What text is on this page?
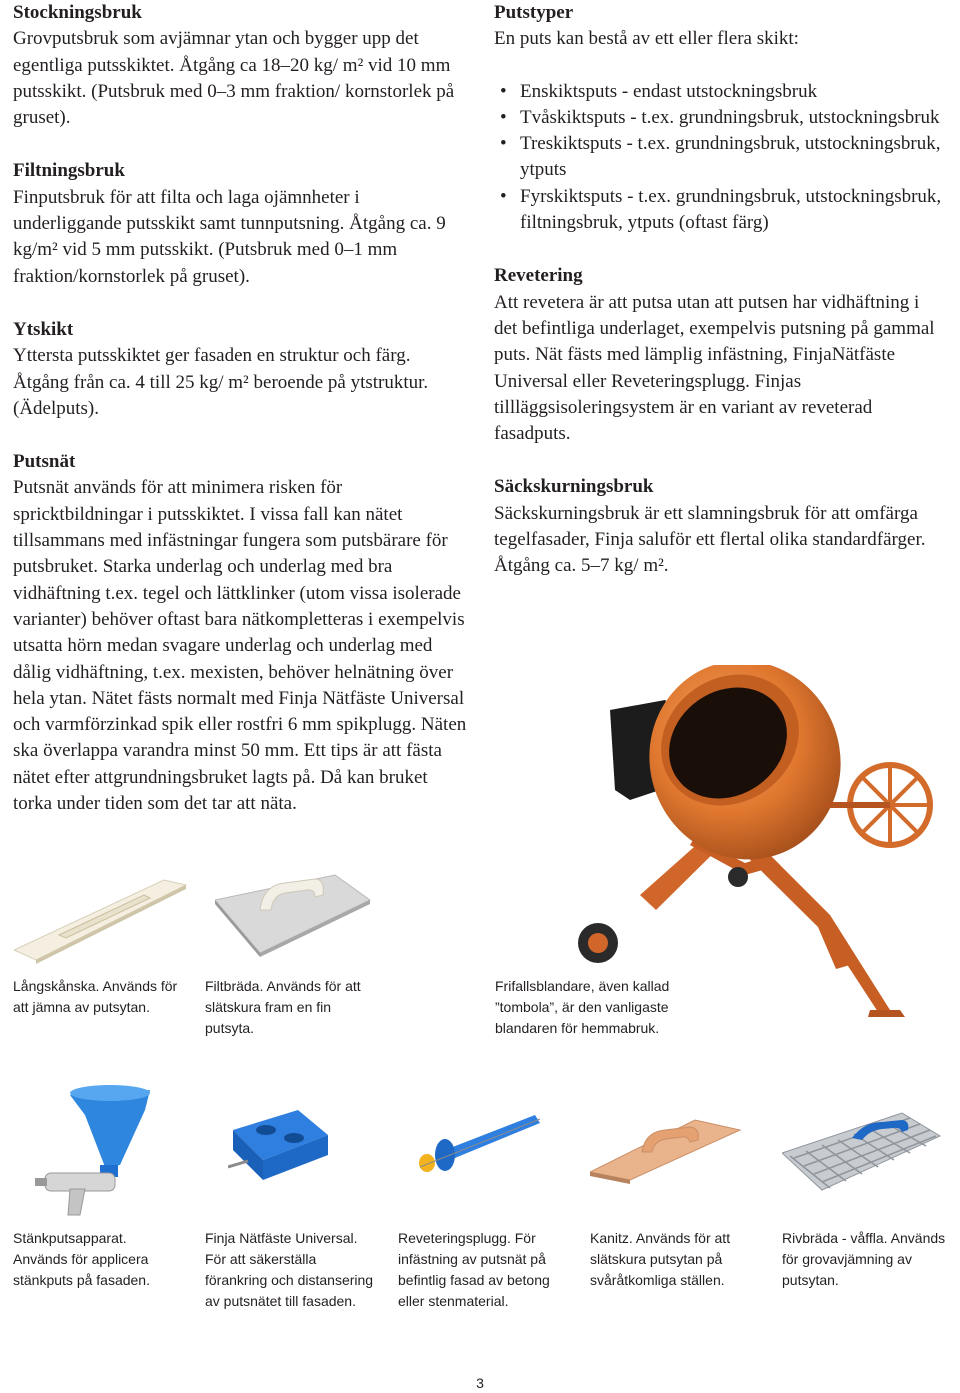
Stockningsbruk

Grovputsbruk som avjämnar ytan och bygger upp det egentliga putsskiktet. Åtgång ca 18–20 kg/ m² vid 10 mm putsskikt. (Putsbruk med 0–3 mm fraktion/ kornstorlek på gruset).

Filtningsbruk

Finputsbruk för att filta och laga ojämnheter i underliggande putsskikt samt tunnputsning. Åtgång ca. 9 kg/m² vid 5 mm putsskikt. (Putsbruk med 0–1 mm fraktion/kornstorlek på gruset).

Ytskikt

Yttersta putsskiktet ger fasaden en struktur och färg. Åtgång från ca. 4 till 25 kg/ m² beroende på ytstruktur. (Ädelputs).

Putsnät

Putsnät används för att minimera risken för spricktbildningar i putsskiktet. I vissa fall kan nätet tillsammans med infästningar fungera som putsbärare för putsbruket. Starka underlag och underlag med bra vidhäftning t.ex. tegel och lättklinker (utom vissa isolerade varianter) behöver oftast bara nätkompletteras i exempelvis utsatta hörn medan svagare underlag och underlag med dålig vidhäftning, t.ex. mexisten, behöver helnätning över hela ytan. Nätet fästs normalt med Finja Nätfäste Universal och varmförzinkad spik eller rostfri 6 mm spikplugg. Näten ska överlappa varandra minst 50 mm. Ett tips är att fästa nätet efter attgrundningsbruket lagts på. Då kan bruket torka under tiden som det tar att näta.

Putstyper

En puts kan bestå av ett eller flera skikt:

• Enskiktsputs - endast utstockningsbruk
• Tvåskiktsputs - t.ex. grundningsbruk, utstockningsbruk
• Treskiktsputs - t.ex. grundningsbruk, utstockningsbruk, ytputs
• Fyrskiktsputs - t.ex. grundningsbruk, utstockningsbruk, filtningsbruk, ytputs (oftast färg)

Revetering

Att revetera är att putsa utan att putsen har vidhäftning i det befintliga underlaget, exempelvis putsning på gammal puts. Nät fästs med lämplig infästning, FinjaNätfäste Universal eller Reveteringsplugg. Finjas tillläggsisoleringsystem är en variant av reveterad fasadputs.

Säckskurningsbruk

Säckskurningsbruk är ett slamningsbruk för att omfärga tegelfasader, Finja saluför ett flertal olika standardfärger. Åtgång ca. 5–7 kg/ m².

Långskånska. Används för att jämna av putsytan.
Filtbräda. Används för att slätskura fram en fin putsyta.
Frifallsblandare, även kallad ”tombola”, är den vanligaste blandaren för hemmabruk.
Stänkputsapparat. Används för applicera stänkputs på fasaden.
Finja Nätfäste Universal. För att säkerställa förankring och distansering av putsnätet till fasaden.
Reveteringsplugg. För infästning av putsnät på befintlig fasad av betong eller stenmaterial.
Kanitz. Används för att slätskura putsytan på svåråtkomliga ställen.
Rivbräda - våffla. Används för grovavjämning av putsytan.
3
